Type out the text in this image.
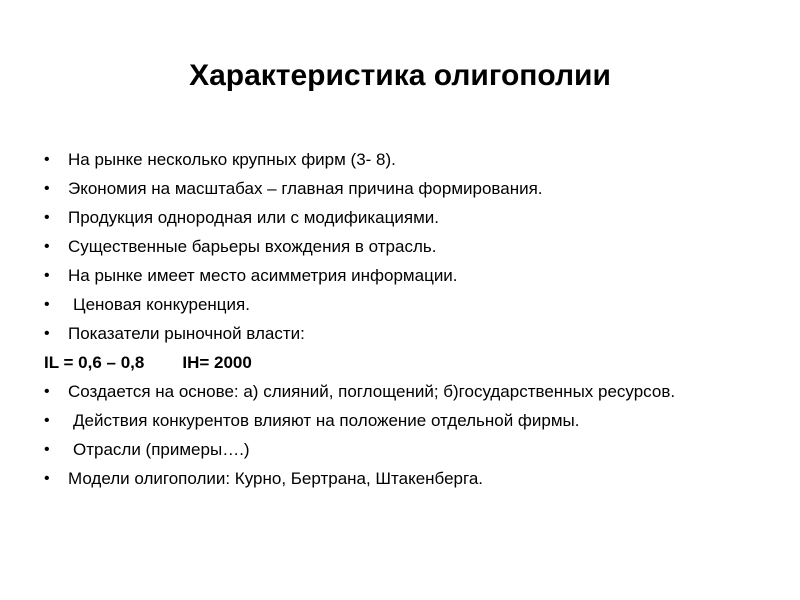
Характеристика олигополии
•	На рынке несколько крупных фирм (3- 8).
•	Экономия на масштабах – главная причина формирования.
•	Продукция однородная или с модификациями.
•	Существенные барьеры вхождения в отрасль.
•	На рынке имеет место асимметрия информации.
•	Ценовая конкуренция.
•	Показатели рыночной власти:
IL = 0,6 – 0,8 IH= 2000
•	Создается на основе: а) слияний, поглощений; б)государственных ресурсов.
•	Действия конкурентов влияют на положение отдельной фирмы.
•	Отрасли (примеры….)
•	Модели олигополии: Курно, Бертрана, Штакенберга.
